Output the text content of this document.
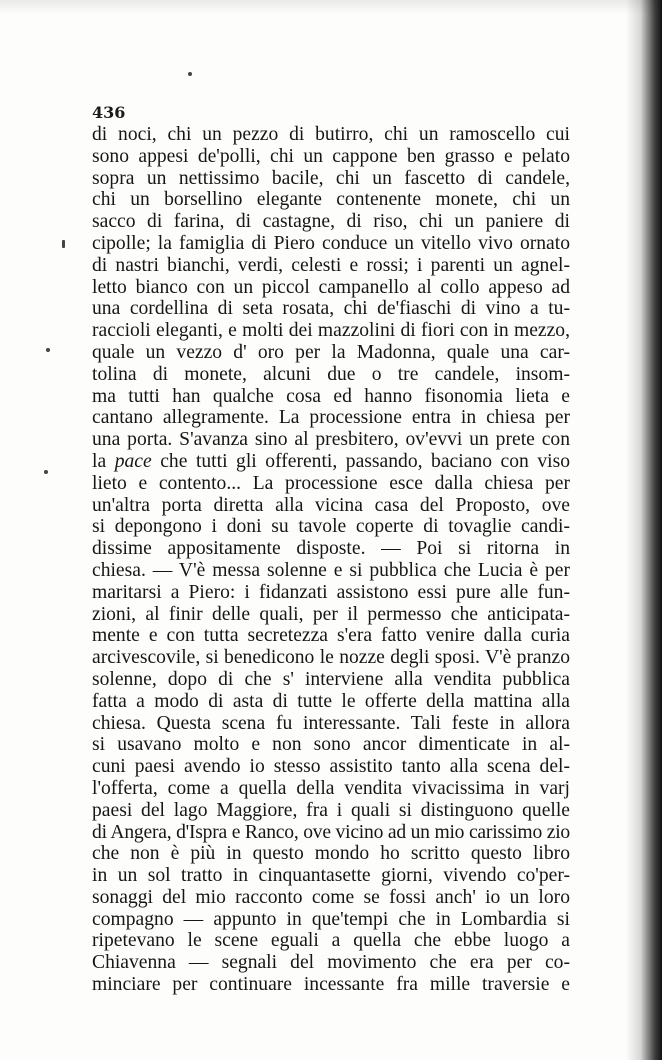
436

di noci, chi un pezzo di butirro, chi un ramoscello cui
sono appesi de'polli, chi un cappone ben grasso e pelato
sopra un nettissimo bacile, chi un fascetto di candele,
chi un borsellino elegante contenente monete, chi un
sacco di farina, di castagne, di riso, chi un paniere di
cipolle; la famiglia di Piero conduce un vitello vivo ornato
di nastri bianchi, verdi, celesti e rossi; i parenti un agnel-
letto bianco con un piccol campanello al collo appeso ad
una cordellina di seta rosata, chi de'fiaschi di vino a tu-
raccioli eleganti, e molti dei mazzolini di fiori con in mezzo,
quale un vezzo d' oro per la Madonna, quale una car-
tolina di monete, alcuni due o tre candele, insom-
ma tutti han qualche cosa ed hanno fisonomia lieta e
cantano allegramente. La processione entra in chiesa per
una porta. S'avanza sino al presbitero, ov'evvi un prete con
la pace che tutti gli offerenti, passando, baciano con viso
lieto e contento... La processione esce dalla chiesa per
un'altra porta diretta alla vicina casa del Proposto, ove
si depongono i doni su tavole coperte di tovaglie candi-
dissime appositamente disposte. — Poi si ritorna in
chiesa. — V'è messa solenne e si pubblica che Lucia è per
maritarsi a Piero: i fidanzati assistono essi pure alle fun-
zioni, al finir delle quali, per il permesso che anticipata-
mente e con tutta secretezza s'era fatto venire dalla curia
arcivescovile, si benedicono le nozze degli sposi. V'è pranzo
solenne, dopo di che s' interviene alla vendita pubblica
fatta a modo di asta di tutte le offerte della mattina alla
chiesa. Questa scena fu interessante. Tali feste in allora
si usavano molto e non sono ancor dimenticate in al-
cuni paesi avendo io stesso assistito tanto alla scena del-
l'offerta, come a quella della vendita vivacissima in varj
paesi del lago Maggiore, fra i quali si distinguono quelle
di Angera, d'Ispra e Ranco, ove vicino ad un mio carissimo zio
che non è più in questo mondo ho scritto questo libro
in un sol tratto in cinquantasette giorni, vivendo co'per-
sonaggi del mio racconto come se fossi anch' io un loro
compagno — appunto in que'tempi che in Lombardia si
ripetevano le scene eguali a quella che ebbe luogo a
Chiavenna — segnali del movimento che era per co-
minciare per continuare incessante fra mille traversie e
